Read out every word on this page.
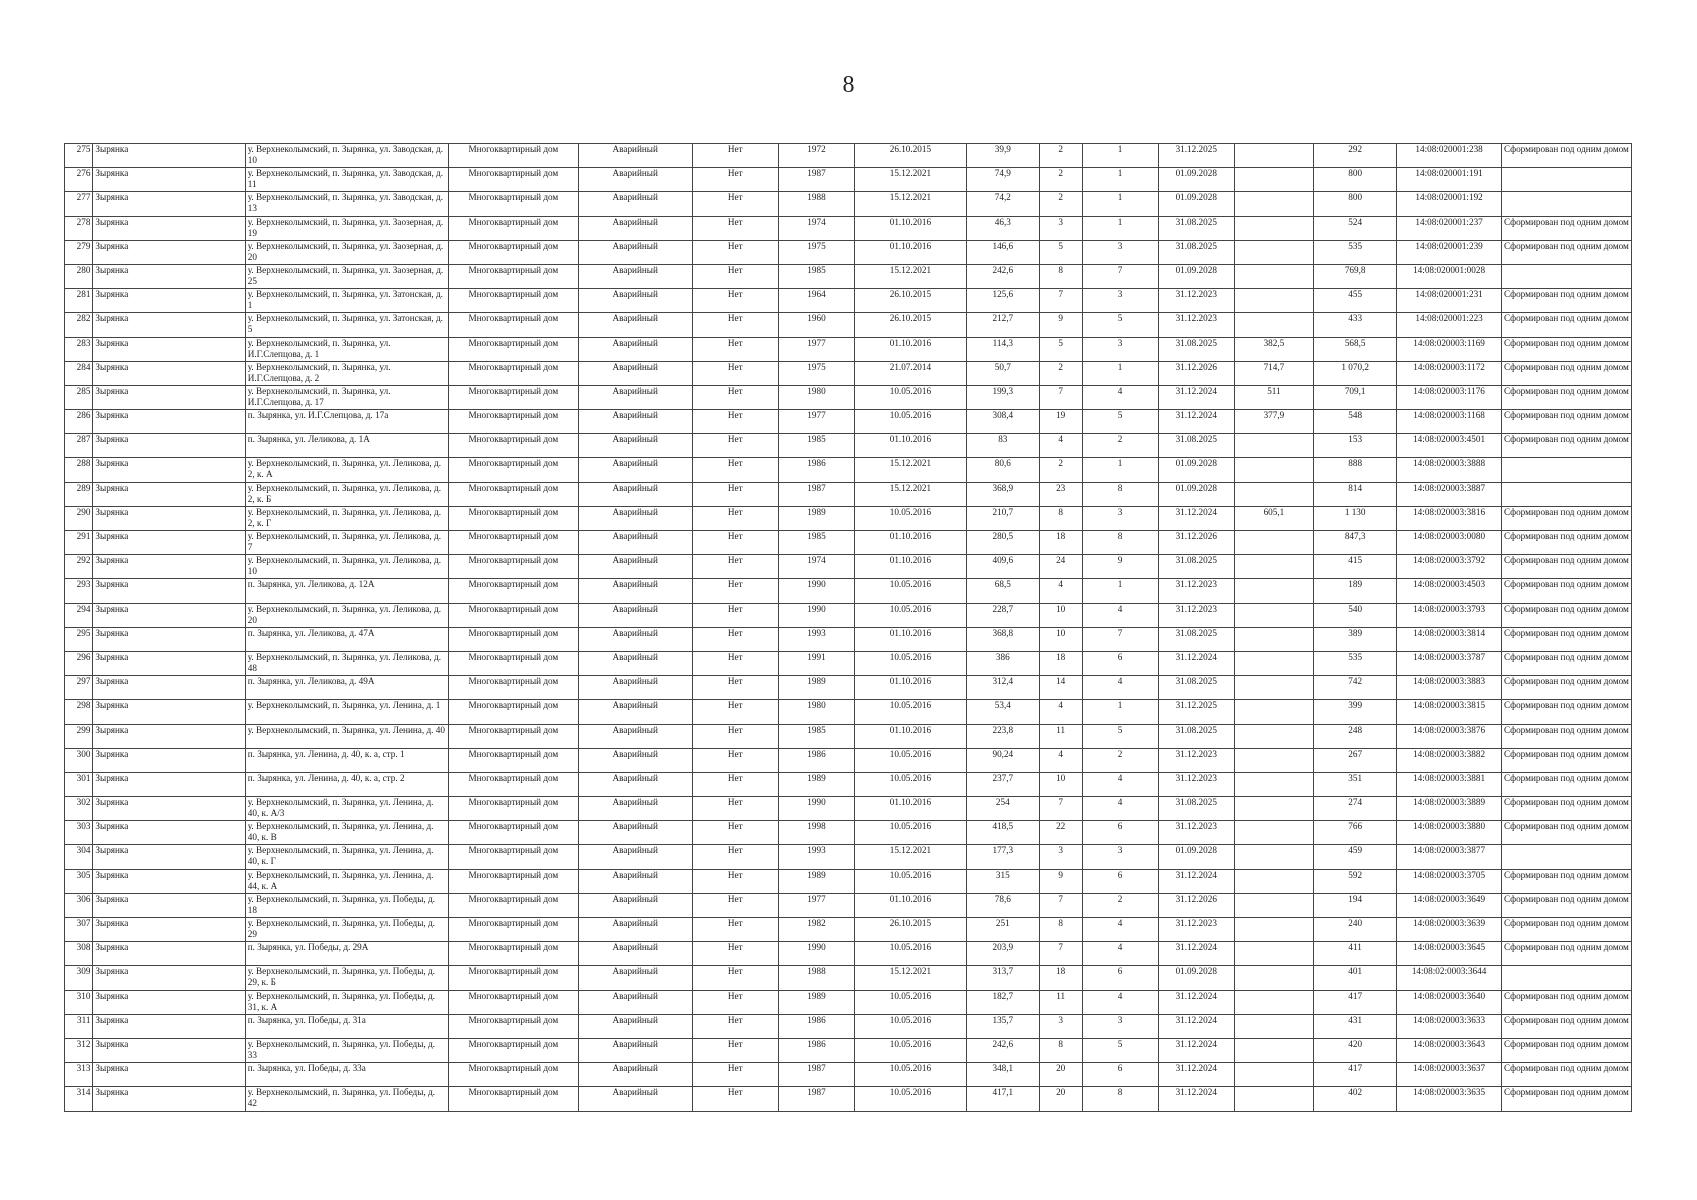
8
275	Зырянка	у. Верхнеколымский, п. Зырянка, ул. Заводская, д. 10	Многоквартирный дом	Аварийный	Нет	1972	26.10.2015	39,9	2	1	31.12.2025		292	14:08:020001:238	Сформирован под одним домом
276	Зырянка	у. Верхнеколымский, п. Зырянка, ул. Заводская, д. 11	Многоквартирный дом	Аварийный	Нет	1987	15.12.2021	74,9	2	1	01.09.2028		800	14:08:020001:191	
277	Зырянка	у. Верхнеколымский, п. Зырянка, ул. Заводская, д. 13	Многоквартирный дом	Аварийный	Нет	1988	15.12.2021	74,2	2	1	01.09.2028		800	14:08:020001:192	
278	Зырянка	у. Верхнеколымский, п. Зырянка, ул. Заозерная, д. 19	Многоквартирный дом	Аварийный	Нет	1974	01.10.2016	46,3	3	1	31.08.2025		524	14:08:020001:237	Сформирован под одним домом
279	Зырянка	у. Верхнеколымский, п. Зырянка, ул. Заозерная, д. 20	Многоквартирный дом	Аварийный	Нет	1975	01.10.2016	146,6	5	3	31.08.2025		535	14:08:020001:239	Сформирован под одним домом
280	Зырянка	у. Верхнеколымский, п. Зырянка, ул. Заозерная, д. 25	Многоквартирный дом	Аварийный	Нет	1985	15.12.2021	242,6	8	7	01.09.2028		769,8	14:08:020001:0028	
281	Зырянка	у. Верхнеколымский, п. Зырянка, ул. Затонская, д. 1	Многоквартирный дом	Аварийный	Нет	1964	26.10.2015	125,6	7	3	31.12.2023		455	14:08:020001:231	Сформирован под одним домом
282	Зырянка	у. Верхнеколымский, п. Зырянка, ул. Затонская, д. 5	Многоквартирный дом	Аварийный	Нет	1960	26.10.2015	212,7	9	5	31.12.2023		433	14:08:020001:223	Сформирован под одним домом
283	Зырянка	у. Верхнеколымский, п. Зырянка, ул. И.Г.Слепцова, д. 1	Многоквартирный дом	Аварийный	Нет	1977	01.10.2016	114,3	5	3	31.08.2025	382,5	568,5	14:08:020003:1169	Сформирован под одним домом
284	Зырянка	у. Верхнеколымский, п. Зырянка, ул. И.Г.Слепцова, д. 2	Многоквартирный дом	Аварийный	Нет	1975	21.07.2014	50,7	2	1	31.12.2026	714,7	1 070,2	14:08:020003:1172	Сформирован под одним домом
285	Зырянка	у. Верхнеколымский, п. Зырянка, ул. И.Г.Слепцова, д. 17	Многоквартирный дом	Аварийный	Нет	1980	10.05.2016	199,3	7	4	31.12.2024	511	709,1	14:08:020003:1176	Сформирован под одним домом
286	Зырянка	п. Зырянка, ул. И.Г.Слепцова, д. 17а	Многоквартирный дом	Аварийный	Нет	1977	10.05.2016	308,4	19	5	31.12.2024	377,9	548	14:08:020003:1168	Сформирован под одним домом
287	Зырянка	п. Зырянка, ул. Леликова, д. 1А	Многоквартирный дом	Аварийный	Нет	1985	01.10.2016	83	4	2	31.08.2025		153	14:08:020003:4501	Сформирован под одним домом
288	Зырянка	у. Верхнеколымский, п. Зырянка, ул. Леликова, д. 2, к. А	Многоквартирный дом	Аварийный	Нет	1986	15.12.2021	80,6	2	1	01.09.2028		888	14:08:020003:3888	
289	Зырянка	у. Верхнеколымский, п. Зырянка, ул. Леликова, д. 2, к. Б	Многоквартирный дом	Аварийный	Нет	1987	15.12.2021	368,9	23	8	01.09.2028		814	14:08:020003:3887	
290	Зырянка	у. Верхнеколымский, п. Зырянка, ул. Леликова, д. 2, к. Г	Многоквартирный дом	Аварийный	Нет	1989	10.05.2016	210,7	8	3	31.12.2024	605,1	1 130	14:08:020003:3816	Сформирован под одним домом
291	Зырянка	у. Верхнеколымский, п. Зырянка, ул. Леликова, д. 7	Многоквартирный дом	Аварийный	Нет	1985	01.10.2016	280,5	18	8	31.12.2026		847,3	14:08:020003:0080	Сформирован под одним домом
292	Зырянка	у. Верхнеколымский, п. Зырянка, ул. Леликова, д. 10	Многоквартирный дом	Аварийный	Нет	1974	01.10.2016	409,6	24	9	31.08.2025		415	14:08:020003:3792	Сформирован под одним домом
293	Зырянка	п. Зырянка, ул. Леликова, д. 12А	Многоквартирный дом	Аварийный	Нет	1990	10.05.2016	68,5	4	1	31.12.2023		189	14:08:020003:4503	Сформирован под одним домом
294	Зырянка	у. Верхнеколымский, п. Зырянка, ул. Леликова, д. 20	Многоквартирный дом	Аварийный	Нет	1990	10.05.2016	228,7	10	4	31.12.2023		540	14:08:020003:3793	Сформирован под одним домом
295	Зырянка	п. Зырянка, ул. Леликова, д. 47А	Многоквартирный дом	Аварийный	Нет	1993	01.10.2016	368,8	10	7	31.08.2025		389	14:08:020003:3814	Сформирован под одним домом
296	Зырянка	у. Верхнеколымский, п. Зырянка, ул. Леликова, д. 48	Многоквартирный дом	Аварийный	Нет	1991	10.05.2016	386	18	6	31.12.2024		535	14:08:020003:3787	Сформирован под одним домом
297	Зырянка	п. Зырянка, ул. Леликова, д. 49А	Многоквартирный дом	Аварийный	Нет	1989	01.10.2016	312,4	14	4	31.08.2025		742	14:08:020003:3883	Сформирован под одним домом
298	Зырянка	у. Верхнеколымский, п. Зырянка, ул. Ленина, д. 1	Многоквартирный дом	Аварийный	Нет	1980	10.05.2016	53,4	4	1	31.12.2025		399	14:08:020003:3815	Сформирован под одним домом
299	Зырянка	у. Верхнеколымский, п. Зырянка, ул. Ленина, д. 40	Многоквартирный дом	Аварийный	Нет	1985	01.10.2016	223,8	11	5	31.08.2025		248	14:08:020003:3876	Сформирован под одним домом
300	Зырянка	п. Зырянка, ул. Ленина, д. 40, к. а, стр. 1	Многоквартирный дом	Аварийный	Нет	1986	10.05.2016	90,24	4	2	31.12.2023		267	14:08:020003:3882	Сформирован под одним домом
301	Зырянка	п. Зырянка, ул. Ленина, д. 40, к. а, стр. 2	Многоквартирный дом	Аварийный	Нет	1989	10.05.2016	237,7	10	4	31.12.2023		351	14:08:020003:3881	Сформирован под одним домом
302	Зырянка	у. Верхнеколымский, п. Зырянка, ул. Ленина, д. 40, к. А/3	Многоквартирный дом	Аварийный	Нет	1990	01.10.2016	254	7	4	31.08.2025		274	14:08:020003:3889	Сформирован под одним домом
303	Зырянка	у. Верхнеколымский, п. Зырянка, ул. Ленина, д. 40, к. В	Многоквартирный дом	Аварийный	Нет	1998	10.05.2016	418,5	22	6	31.12.2023		766	14:08:020003:3880	Сформирован под одним домом
304	Зырянка	у. Верхнеколымский, п. Зырянка, ул. Ленина, д. 40, к. Г	Многоквартирный дом	Аварийный	Нет	1993	15.12.2021	177,3	3	3	01.09.2028		459	14:08:020003:3877	
305	Зырянка	у. Верхнеколымский, п. Зырянка, ул. Ленина, д. 44, к. А	Многоквартирный дом	Аварийный	Нет	1989	10.05.2016	315	9	6	31.12.2024		592	14:08:020003:3705	Сформирован под одним домом
306	Зырянка	у. Верхнеколымский, п. Зырянка, ул. Победы, д. 18	Многоквартирный дом	Аварийный	Нет	1977	01.10.2016	78,6	7	2	31.12.2026		194	14:08:020003:3649	Сформирован под одним домом
307	Зырянка	у. Верхнеколымский, п. Зырянка, ул. Победы, д. 29	Многоквартирный дом	Аварийный	Нет	1982	26.10.2015	251	8	4	31.12.2023		240	14:08:020003:3639	Сформирован под одним домом
308	Зырянка	п. Зырянка, ул. Победы, д. 29А	Многоквартирный дом	Аварийный	Нет	1990	10.05.2016	203,9	7	4	31.12.2024		411	14:08:020003:3645	Сформирован под одним домом
309	Зырянка	у. Верхнеколымский, п. Зырянка, ул. Победы, д. 29, к. Б	Многоквартирный дом	Аварийный	Нет	1988	15.12.2021	313,7	18	6	01.09.2028		401	14:08:02:0003:3644	
310	Зырянка	у. Верхнеколымский, п. Зырянка, ул. Победы, д. 31, к. А	Многоквартирный дом	Аварийный	Нет	1989	10.05.2016	182,7	11	4	31.12.2024		417	14:08:020003:3640	Сформирован под одним домом
311	Зырянка	п. Зырянка, ул. Победы, д. 31а	Многоквартирный дом	Аварийный	Нет	1986	10.05.2016	135,7	3	3	31.12.2024		431	14:08:020003:3633	Сформирован под одним домом
312	Зырянка	у. Верхнеколымский, п. Зырянка, ул. Победы, д. 33	Многоквартирный дом	Аварийный	Нет	1986	10.05.2016	242,6	8	5	31.12.2024		420	14:08:020003:3643	Сформирован под одним домом
313	Зырянка	п. Зырянка, ул. Победы, д. 33а	Многоквартирный дом	Аварийный	Нет	1987	10.05.2016	348,1	20	6	31.12.2024		417	14:08:020003:3637	Сформирован под одним домом
314	Зырянка	у. Верхнеколымский, п. Зырянка, ул. Победы, д. 42	Многоквартирный дом	Аварийный	Нет	1987	10.05.2016	417,1	20	8	31.12.2024		402	14:08:020003:3635	Сформирован под одним домом
